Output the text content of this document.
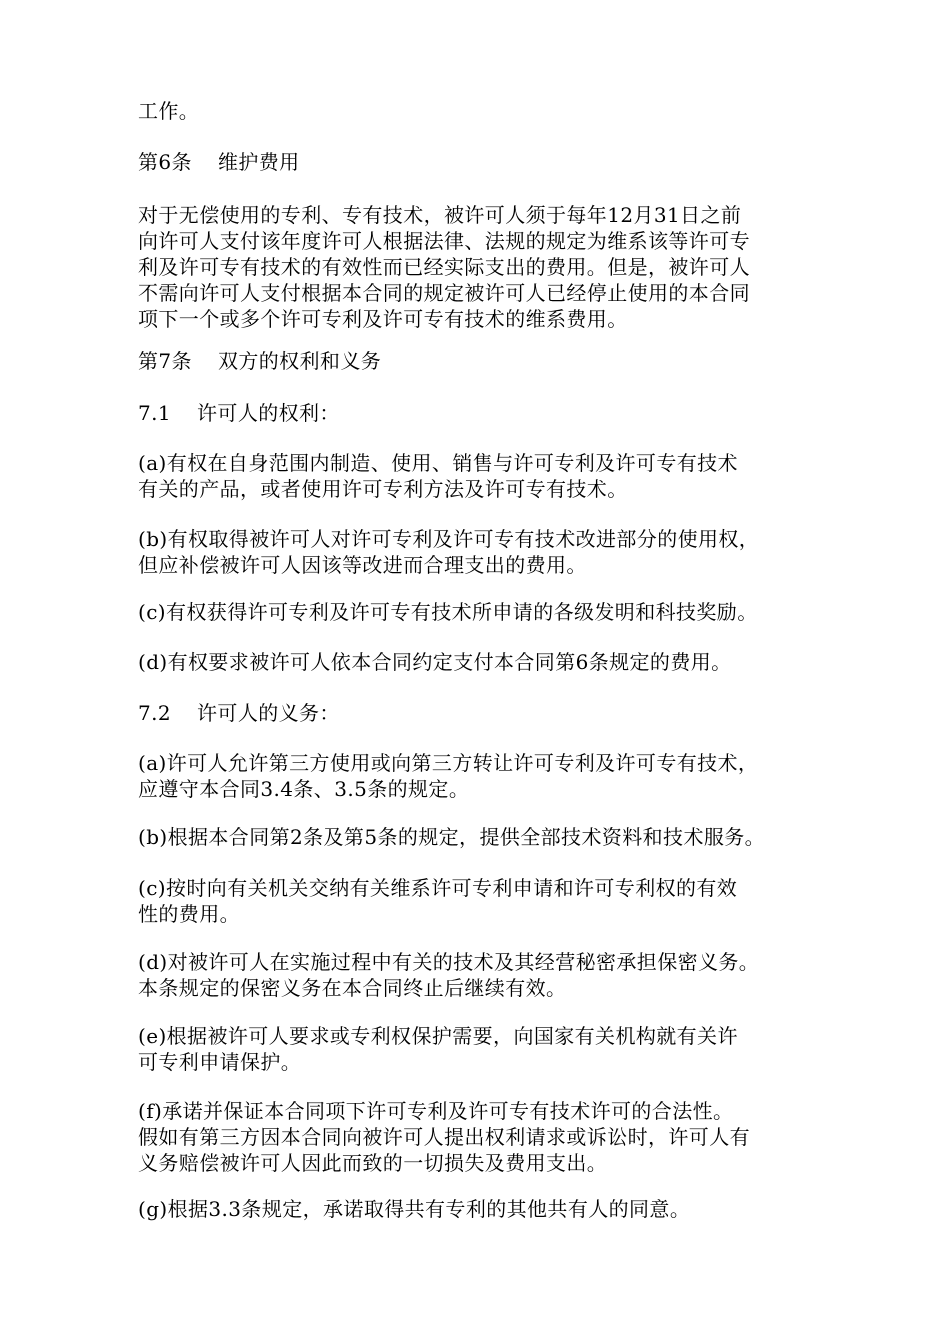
工作。
第6条 维护费用
对于无偿使用的专利、专有技术，被许可人须于每年12月31日之前
向许可人支付该年度许可人根据法律、法规的规定为维系该等许可专
利及许可专有技术的有效性而已经实际支出的费用。但是，被许可人
不需向许可人支付根据本合同的规定被许可人已经停止使用的本合同
项下一个或多个许可专利及许可专有技术的维系费用。
第7条 双方的权利和义务
7.1 许可人的权利：
(a)有权在自身范围内制造、使用、销售与许可专利及许可专有技术
有关的产品，或者使用许可专利方法及许可专有技术。
(b)有权取得被许可人对许可专利及许可专有技术改进部分的使用权，
但应补偿被许可人因该等改进而合理支出的费用。
(c)有权获得许可专利及许可专有技术所申请的各级发明和科技奖励。
(d)有权要求被许可人依本合同约定支付本合同第6条规定的费用。
7.2 许可人的义务：
(a)许可人允许第三方使用或向第三方转让许可专利及许可专有技术，
应遵守本合同3.4条、3.5条的规定。
(b)根据本合同第2条及第5条的规定，提供全部技术资料和技术服务。
(c)按时向有关机关交纳有关维系许可专利申请和许可专利权的有效
性的费用。
(d)对被许可人在实施过程中有关的技术及其经营秘密承担保密义务。
本条规定的保密义务在本合同终止后继续有效。
(e)根据被许可人要求或专利权保护需要，向国家有关机构就有关许
可专利申请保护。
(f)承诺并保证本合同项下许可专利及许可专有技术许可的合法性。
假如有第三方因本合同向被许可人提出权利请求或诉讼时，许可人有
义务赔偿被许可人因此而致的一切损失及费用支出。
(g)根据3.3条规定，承诺取得共有专利的其他共有人的同意。
